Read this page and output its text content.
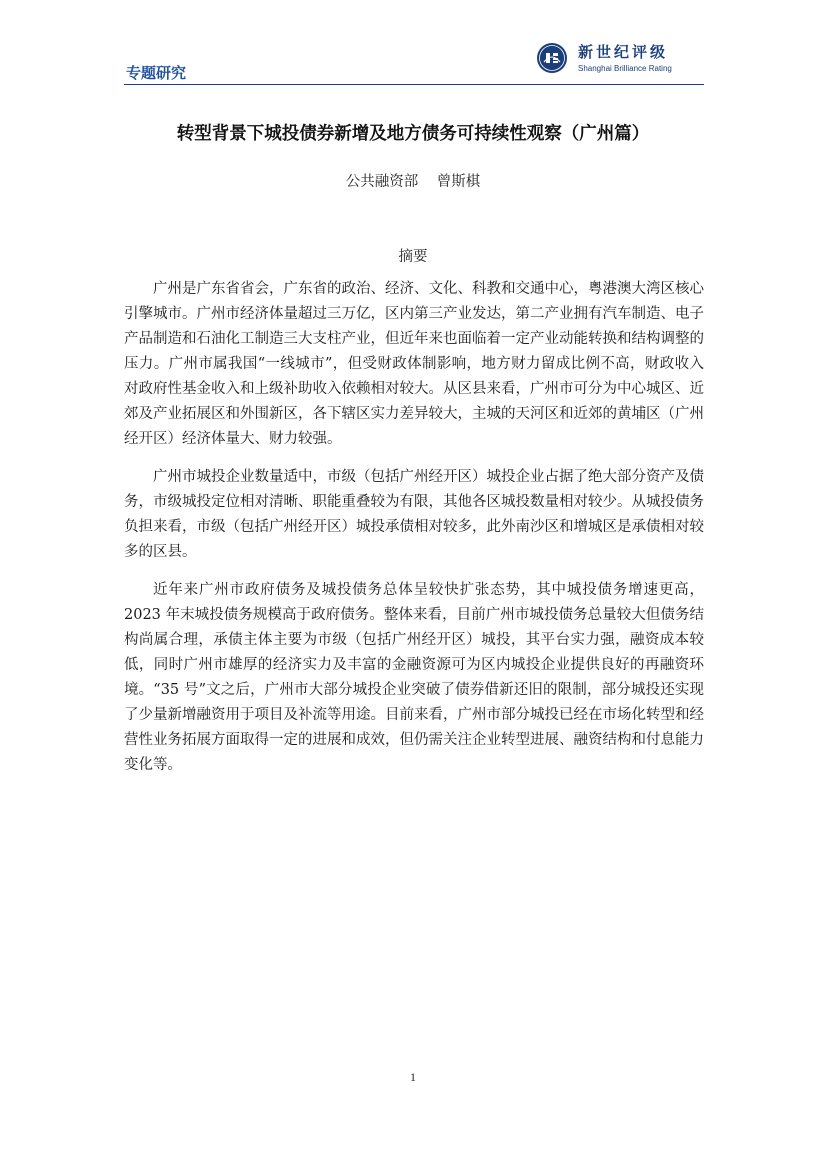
专题研究
新世纪评级
Shanghai Brilliance Rating
转型背景下城投债券新增及地方债务可持续性观察（广州篇）
公共融资部    曾斯棋
摘要

广州是广东省省会，广东省的政治、经济、文化、科教和交通中心，粤港澳大湾区核心引擎城市。广州市经济体量超过三万亿，区内第三产业发达，第二产业拥有汽车制造、电子产品制造和石油化工制造三大支柱产业，但近年来也面临着一定产业动能转换和结构调整的压力。广州市属我国“一线城市”，但受财政体制影响，地方财力留成比例不高，财政收入对政府性基金收入和上级补助收入依赖相对较大。从区县来看，广州市可分为中心城区、近郊及产业拓展区和外围新区，各下辖区实力差异较大，主城的天河区和近郊的黄埔区（广州经开区）经济体量大、财力较强。

广州市城投企业数量适中，市级（包括广州经开区）城投企业占据了绝大部分资产及债务，市级城投定位相对清晰、职能重叠较为有限，其他各区城投数量相对较少。从城投债务负担来看，市级（包括广州经开区）城投承债相对较多，此外南沙区和增城区是承债相对较多的区县。

近年来广州市政府债务及城投债务总体呈较快扩张态势，其中城投债务增速更高，2023 年末城投债务规模高于政府债务。整体来看，目前广州市城投债务总量较大但债务结构尚属合理，承债主体主要为市级（包括广州经开区）城投，其平台实力强，融资成本较低，同时广州市雄厚的经济实力及丰富的金融资源可为区内城投企业提供良好的再融资环境。“35 号”文之后，广州市大部分城投企业突破了债券借新还旧的限制，部分城投还实现了少量新增融资用于项目及补流等用途。目前来看，广州市部分城投已经在市场化转型和经营性业务拓展方面取得一定的进展和成效，但仍需关注企业转型进展、融资结构和付息能力变化等。

1
